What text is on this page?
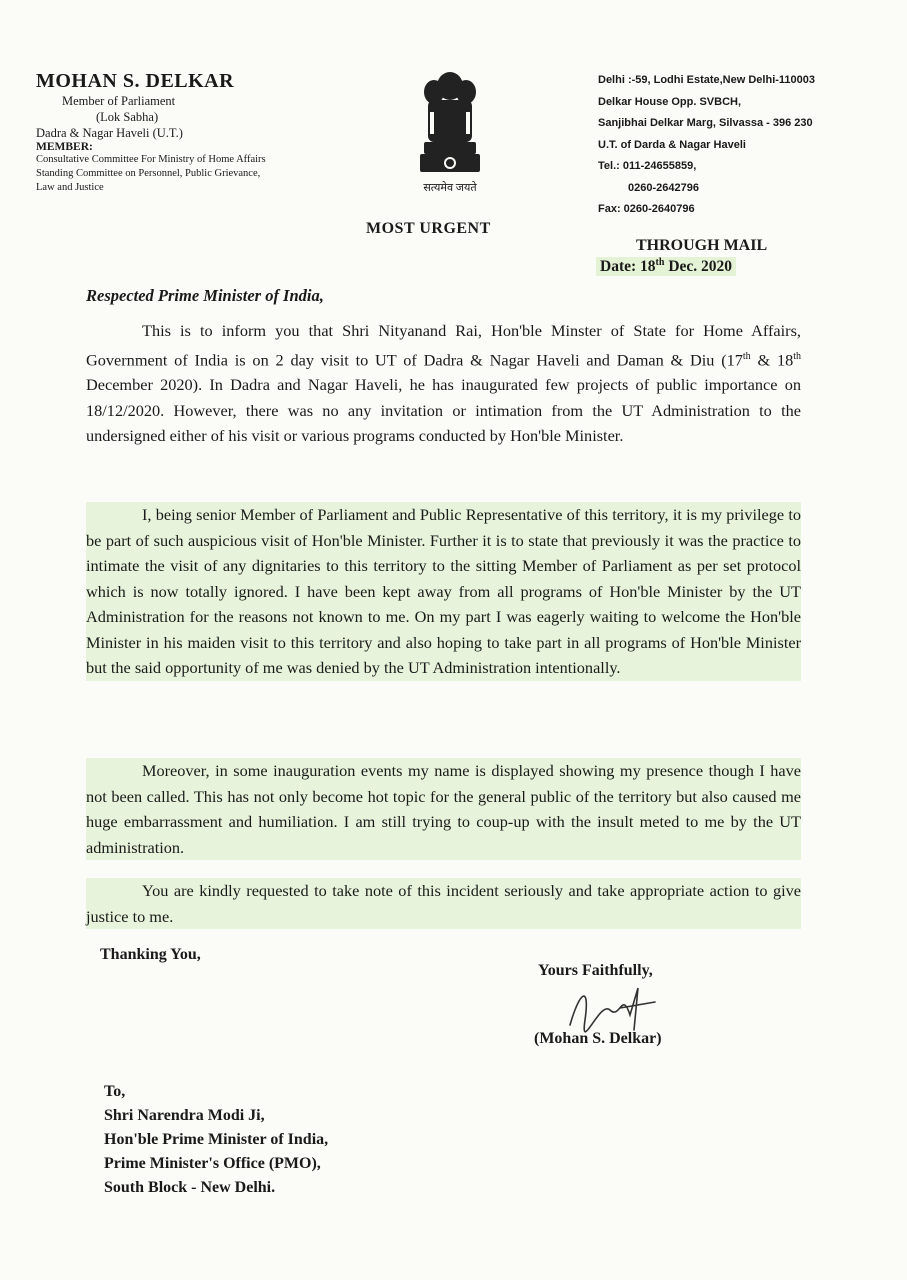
MOHAN S. DELKAR
Member of Parliament
(Lok Sabha)
Dadra & Nagar Haveli (U.T.)
MEMBER:
Consultative Committee For Ministry of Home Affairs
Standing Committee on Personnel, Public Grievance,
Law and Justice	सत्यमेव जयते
Delhi :-59, Lodhi Estate,New Delhi-110003
Delkar House Opp. SVBCH,
Sanjibhai Delkar Marg, Silvassa - 396 230
U.T. of Darda & Nagar Haveli
Tel.: 011-24655859,
0260-2642796
Fax: 0260-2640796
MOST URGENT
THROUGH MAIL
Date: 18th Dec. 2020
Respected Prime Minister of India,
This is to inform you that Shri Nityanand Rai, Hon'ble Minster of State for Home Affairs, Government of India is on 2 day visit to UT of Dadra & Nagar Haveli and Daman & Diu (17th & 18th December 2020). In Dadra and Nagar Haveli, he has inaugurated few projects of public importance on 18/12/2020. However, there was no any invitation or intimation from the UT Administration to the undersigned either of his visit or various programs conducted by Hon'ble Minister.
I, being senior Member of Parliament and Public Representative of this territory, it is my privilege to be part of such auspicious visit of Hon'ble Minister. Further it is to state that previously it was the practice to intimate the visit of any dignitaries to this territory to the sitting Member of Parliament as per set protocol which is now totally ignored. I have been kept away from all programs of Hon'ble Minister by the UT Administration for the reasons not known to me. On my part I was eagerly waiting to welcome the Hon'ble Minister in his maiden visit to this territory and also hoping to take part in all programs of Hon'ble Minister but the said opportunity of me was denied by the UT Administration intentionally.
Moreover, in some inauguration events my name is displayed showing my presence though I have not been called. This has not only become hot topic for the general public of the territory but also caused me huge embarrassment and humiliation. I am still trying to coup-up with the insult meted to me by the UT administration.
You are kindly requested to take note of this incident seriously and take appropriate action to give justice to me.
Thanking You,
Yours Faithfully,
(Mohan S. Delkar)
To,
Shri Narendra Modi Ji,
Hon'ble Prime Minister of India,
Prime Minister's Office (PMO),
South Block - New Delhi.
